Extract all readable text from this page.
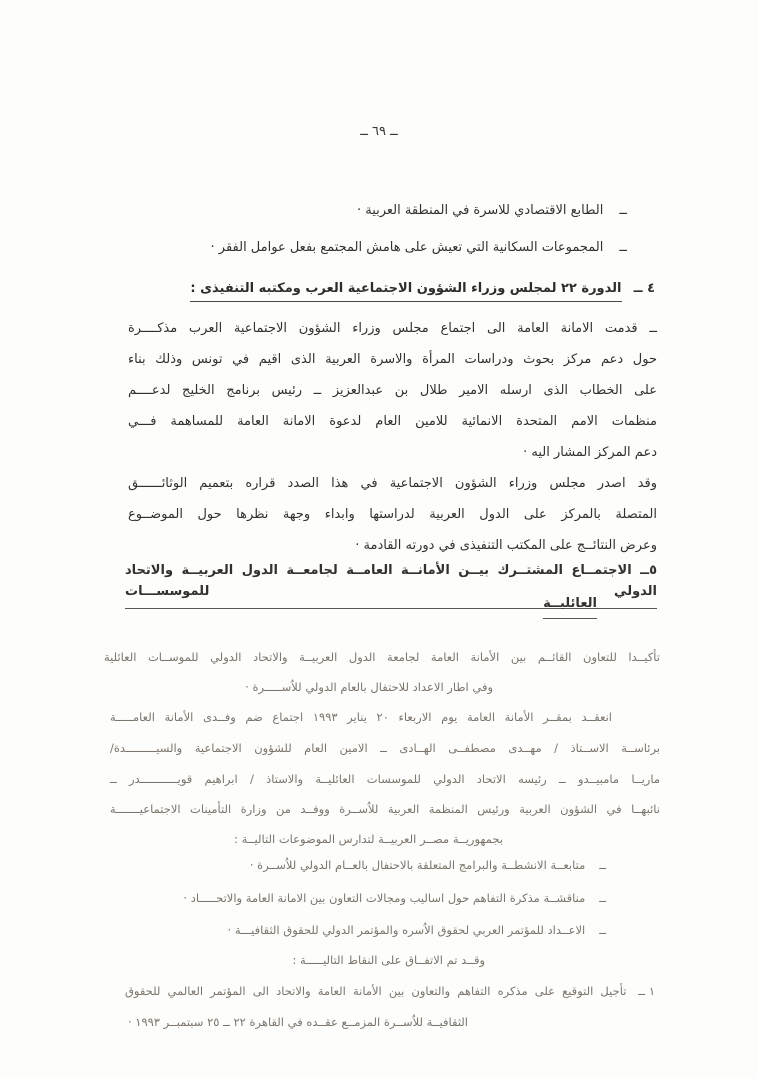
ــ ٦٩ ــ
ــ
الطابع الاقتصادي للاسرة في المنطقة العربية ·
ــ
المجموعات السكانية التي تعيش على هامش المجتمع بفعل عوامل الفقر ·
٤ ــ الدورة ٢٢ لمجلس وزراء الشؤون الاجتماعية العرب ومكتبه التنفيذى :
ــ قدمت الامانة العامة الى اجتماع مجلس وزراء الشؤون الاجتماعية العرب مذكــــرة
حول دعم مركز بحوث ودراسات المرأة والاسرة العربية الذى اقيم في تونس وذلك بناء
على الخطاب الذى ارسله الامير طلال بن عبدالعزيز ــ رئيس برنامج الخليج لدعــــم
منظمات الامم المتحدة الانمائية للامين العام لدعوة الامانة العامة للمساهمة فـــي
دعم المركز المشار اليه ·
وقد اصدر مجلس وزراء الشؤون الاجتماعية في هذا الصدد قراره بتعميم الوثائــــــق
المتصلة بالمركز على الدول العربية لدراستها وابداء وجهة نظرها حول الموضــوع
وعرض النتائــج على المكتب التنفيذى في دورته القادمة ·
٥ــ الاجتمــاع المشتــرك بيــن الأمانــة العامــة لجامعــة الدول العربيــة والاتحاد الدولي للموسســـات
العائليــة
تأكيــدا للتعاون القائــم بين الأمانة العامة لجامعة الدول العربيــة والاتحاد الدولي للموســات العائلية
وفي اطار الاعداد للاحتفال بالعام الدولي للاُســـــرة ·
انعقــد بمقــر الأمانة العامة يوم الاربعاء ٢٠ يناير ١٩٩٣ اجتماع ضم وفــدى الأمانة العامـــــة
برئاســة الاســتاذ / مهــدى مصطفــى الهــادى ــ الامين العام للشؤون الاجتماعية والسيـــــــــدة/
ماريــا مامبيــدو ــ رئيسه الاتحاد الدولي للموسسات العائليــة والاستاذ / ابراهيم قويـــــــــــدر ــ
نائبهــا في الشؤون العربية ورئيس المنظمة العربية للاُســرة ووفــد من وزارة التأمينات الاجتماعيـــــــة
بجمهوريــة مصــر العربيــة لتدارس الموضوعات التاليــة :
ــ
متابعــة الانشطــة والبرامج المتعلقة بالاحتفال بالعــام الدولي للاُســرة ·
ــ
مناقشــة مذكرة التفاهم حول اساليب ومجالات التعاون بين الامانة العامة والاتحـــــاد ·
ــ
الاعــداد للمؤتمر العربي لحقوق الاُسره والمؤتمر الدولي للحقوق الثقافيـــة ·
وقــد تم الاتفــاق على النقاط التاليـــــة :
١ ــ
تأجيل التوقيع على مذكره التفاهم والتعاون بين الأمانة العامة والاتحاد الى المؤتمر العالمي للحقوق
الثقافيــة للاُســرة المزمــع عقــده في القاهرة ٢٢ ــ ٢٥ سبتمبــر ١٩٩٣ ·
